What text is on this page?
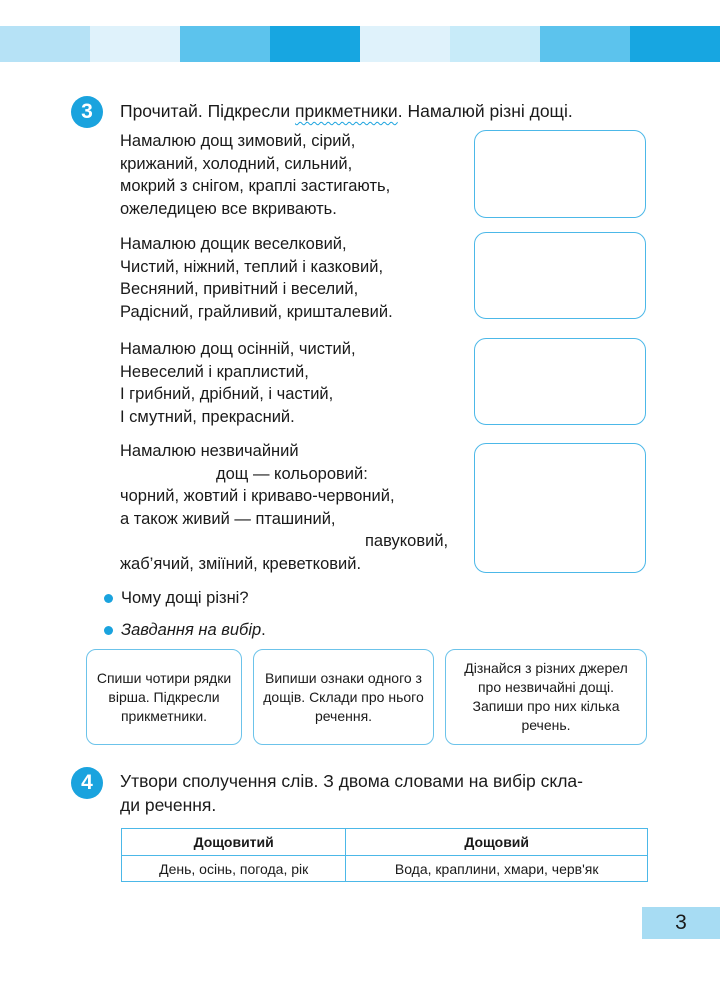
3	Прочитай. Підкресли прикметники. Намалюй різні дощі.
Намалюю дощ зимовий, сірий,
крижаний, холодний, сильний,
мокрий з снігом, краплі застигають,
ожеледицею все вкривають.
Намалюю дощик веселковий,
Чистий, ніжний, теплий і казковий,
Весняний, привітний і веселий,
Радісний, грайливий, кришталевий.
Намалюю дощ осінній, чистий,
Невеселий і краплистий,
І грибний, дрібний, і частий,
І смутний, прекрасний.
Намалюю незвичайний
дощ — кольоровий:
чорний, жовтий і криваво-червоний,
а також живий — пташиний,
павуковий,
жаб’ячий, зміїний, креветковий.
Чому дощі різні?
Завдання на вибір .
Спиши чотири рядки вірша. Підкресли прикметники.
Випиши ознаки одного з дощів. Склади про нього речення.
Дізнайся з різних джерел про незвичайні дощі. Запиши про них кілька речень.
4	Утвори сполучення слів. З двома словами на вибір скла-
ди речення.
Дощовитий	Дощовий
День, осінь, погода, рік	Вода, краплини, хмари, черв'як
3
